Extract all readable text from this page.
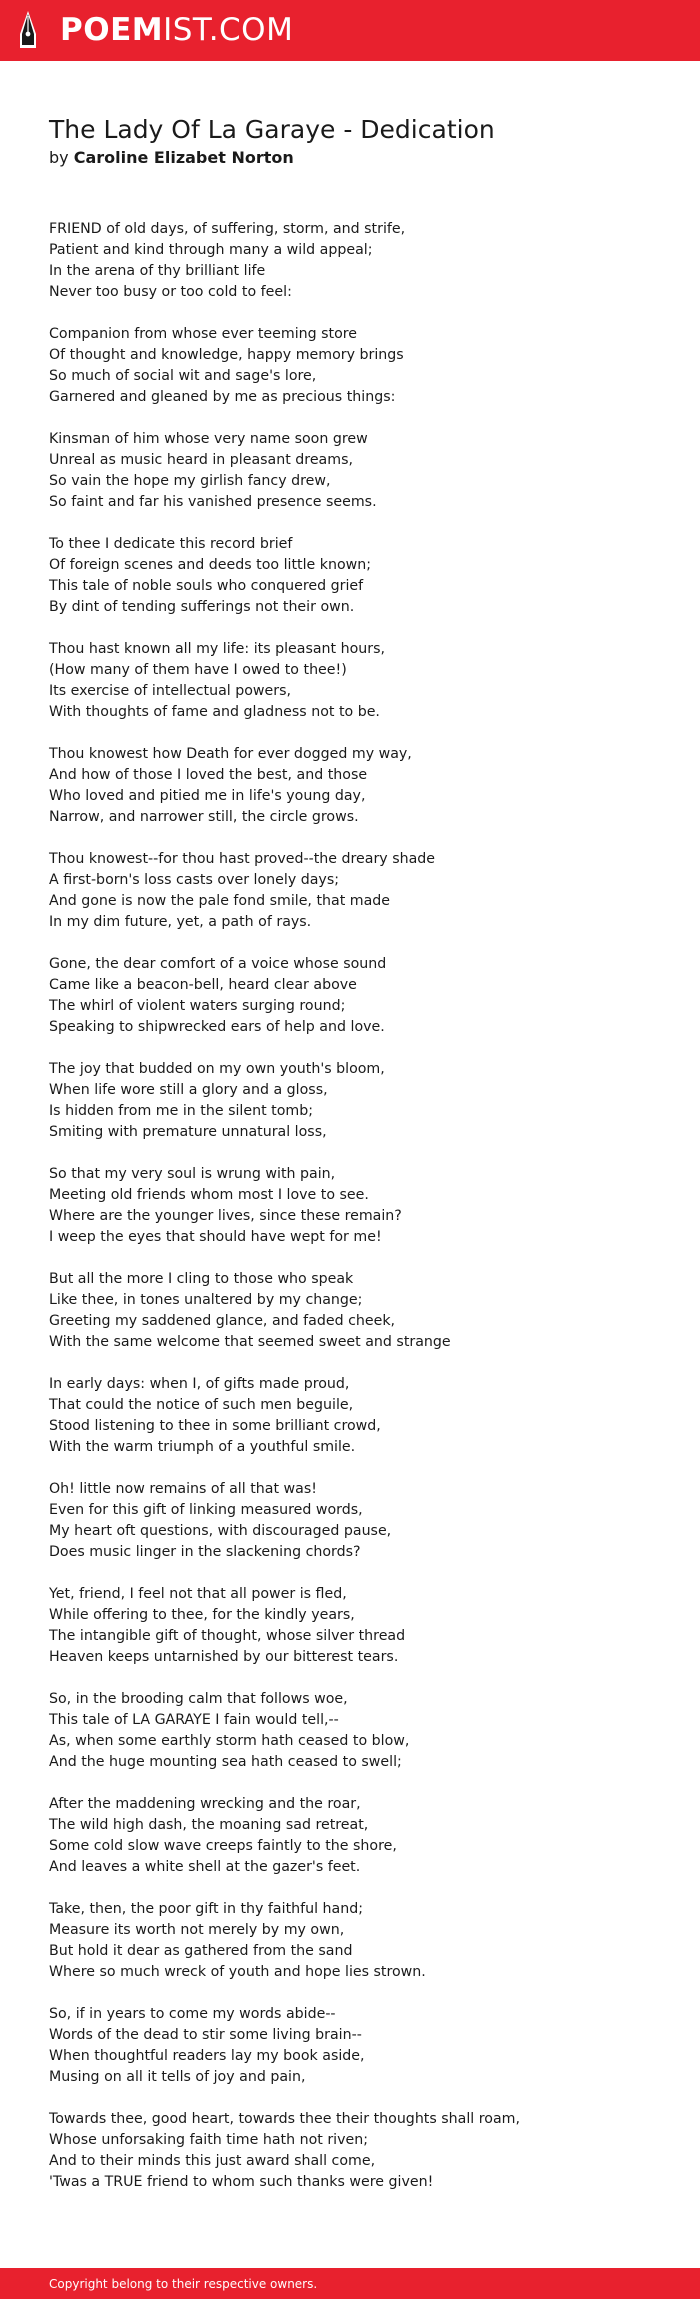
POEMIST.COM
The Lady Of La Garaye - Dedication
by Caroline Elizabet Norton
FRIEND of old days, of suffering, storm, and strife,
Patient and kind through many a wild appeal;
In the arena of thy brilliant life
Never too busy or too cold to feel:
Companion from whose ever teeming store
Of thought and knowledge, happy memory brings
So much of social wit and sage's lore,
Garnered and gleaned by me as precious things:
Kinsman of him whose very name soon grew
Unreal as music heard in pleasant dreams,
So vain the hope my girlish fancy drew,
So faint and far his vanished presence seems.
To thee I dedicate this record brief
Of foreign scenes and deeds too little known;
This tale of noble souls who conquered grief
By dint of tending sufferings not their own.
Thou hast known all my life: its pleasant hours,
(How many of them have I owed to thee!)
Its exercise of intellectual powers,
With thoughts of fame and gladness not to be.
Thou knowest how Death for ever dogged my way,
And how of those I loved the best, and those
Who loved and pitied me in life's young day,
Narrow, and narrower still, the circle grows.
Thou knowest--for thou hast proved--the dreary shade
A first-born's loss casts over lonely days;
And gone is now the pale fond smile, that made
In my dim future, yet, a path of rays.
Gone, the dear comfort of a voice whose sound
Came like a beacon-bell, heard clear above
The whirl of violent waters surging round;
Speaking to shipwrecked ears of help and love.
The joy that budded on my own youth's bloom,
When life wore still a glory and a gloss,
Is hidden from me in the silent tomb;
Smiting with premature unnatural loss,
So that my very soul is wrung with pain,
Meeting old friends whom most I love to see.
Where are the younger lives, since these remain?
I weep the eyes that should have wept for me!
But all the more I cling to those who speak
Like thee, in tones unaltered by my change;
Greeting my saddened glance, and faded cheek,
With the same welcome that seemed sweet and strange
In early days: when I, of gifts made proud,
That could the notice of such men beguile,
Stood listening to thee in some brilliant crowd,
With the warm triumph of a youthful smile.
Oh! little now remains of all that was!
Even for this gift of linking measured words,
My heart oft questions, with discouraged pause,
Does music linger in the slackening chords?
Yet, friend, I feel not that all power is fled,
While offering to thee, for the kindly years,
The intangible gift of thought, whose silver thread
Heaven keeps untarnished by our bitterest tears.
So, in the brooding calm that follows woe,
This tale of LA GARAYE I fain would tell,--
As, when some earthly storm hath ceased to blow,
And the huge mounting sea hath ceased to swell;
After the maddening wrecking and the roar,
The wild high dash, the moaning sad retreat,
Some cold slow wave creeps faintly to the shore,
And leaves a white shell at the gazer's feet.
Take, then, the poor gift in thy faithful hand;
Measure its worth not merely by my own,
But hold it dear as gathered from the sand
Where so much wreck of youth and hope lies strown.
So, if in years to come my words abide--
Words of the dead to stir some living brain--
When thoughtful readers lay my book aside,
Musing on all it tells of joy and pain,
Towards thee, good heart, towards thee their thoughts shall roam,
Whose unforsaking faith time hath not riven;
And to their minds this just award shall come,
'Twas a TRUE friend to whom such thanks were given!
Copyright belong to their respective owners.
